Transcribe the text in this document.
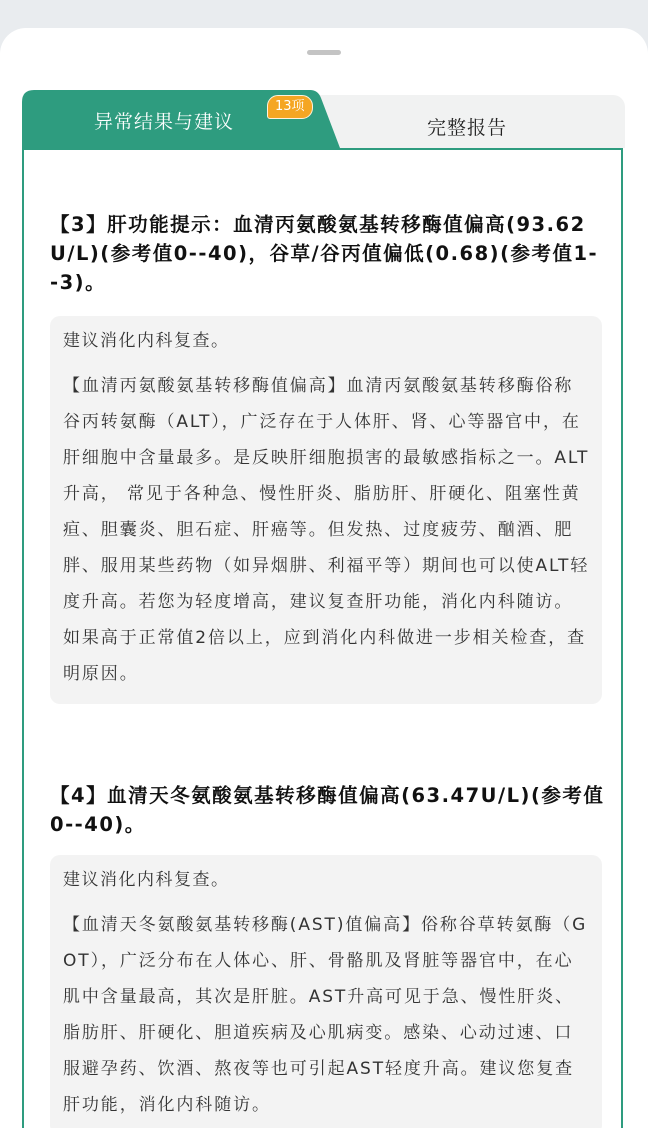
完整报告
异常结果与建议
13项
【3】肝功能提示：血清丙氨酸氨基转移酶值偏高(93.62U/L)(参考值0--40)，谷草/谷丙值偏低(0.68)(参考值1--3)。
建议消化内科复查。
【血清丙氨酸氨基转移酶值偏高】血清丙氨酸氨基转移酶俗称谷丙转氨酶（ALT），广泛存在于人体肝、肾、心等器官中，在肝细胞中含量最多。是反映肝细胞损害的最敏感指标之一。ALT升高， 常见于各种急、慢性肝炎、脂肪肝、肝硬化、阻塞性黄疸、胆囊炎、胆石症、肝癌等。但发热、过度疲劳、酗酒、肥胖、服用某些药物（如异烟肼、利福平等）期间也可以使ALT轻度升高。若您为轻度增高，建议复查肝功能，消化内科随访。如果高于正常值2倍以上，应到消化内科做进一步相关检查，查明原因。
【4】血清天冬氨酸氨基转移酶值偏高(63.47U/L)(参考值0--40)。
建议消化内科复查。
【血清天冬氨酸氨基转移酶(AST)值偏高】俗称谷草转氨酶（GOT），广泛分布在人体心、肝、骨骼肌及肾脏等器官中，在心肌中含量最高，其次是肝脏。AST升高可见于急、慢性肝炎、脂肪肝、肝硬化、胆道疾病及心肌病变。感染、心动过速、口服避孕药、饮酒、熬夜等也可引起AST轻度升高。建议您复查肝功能，消化内科随访。
